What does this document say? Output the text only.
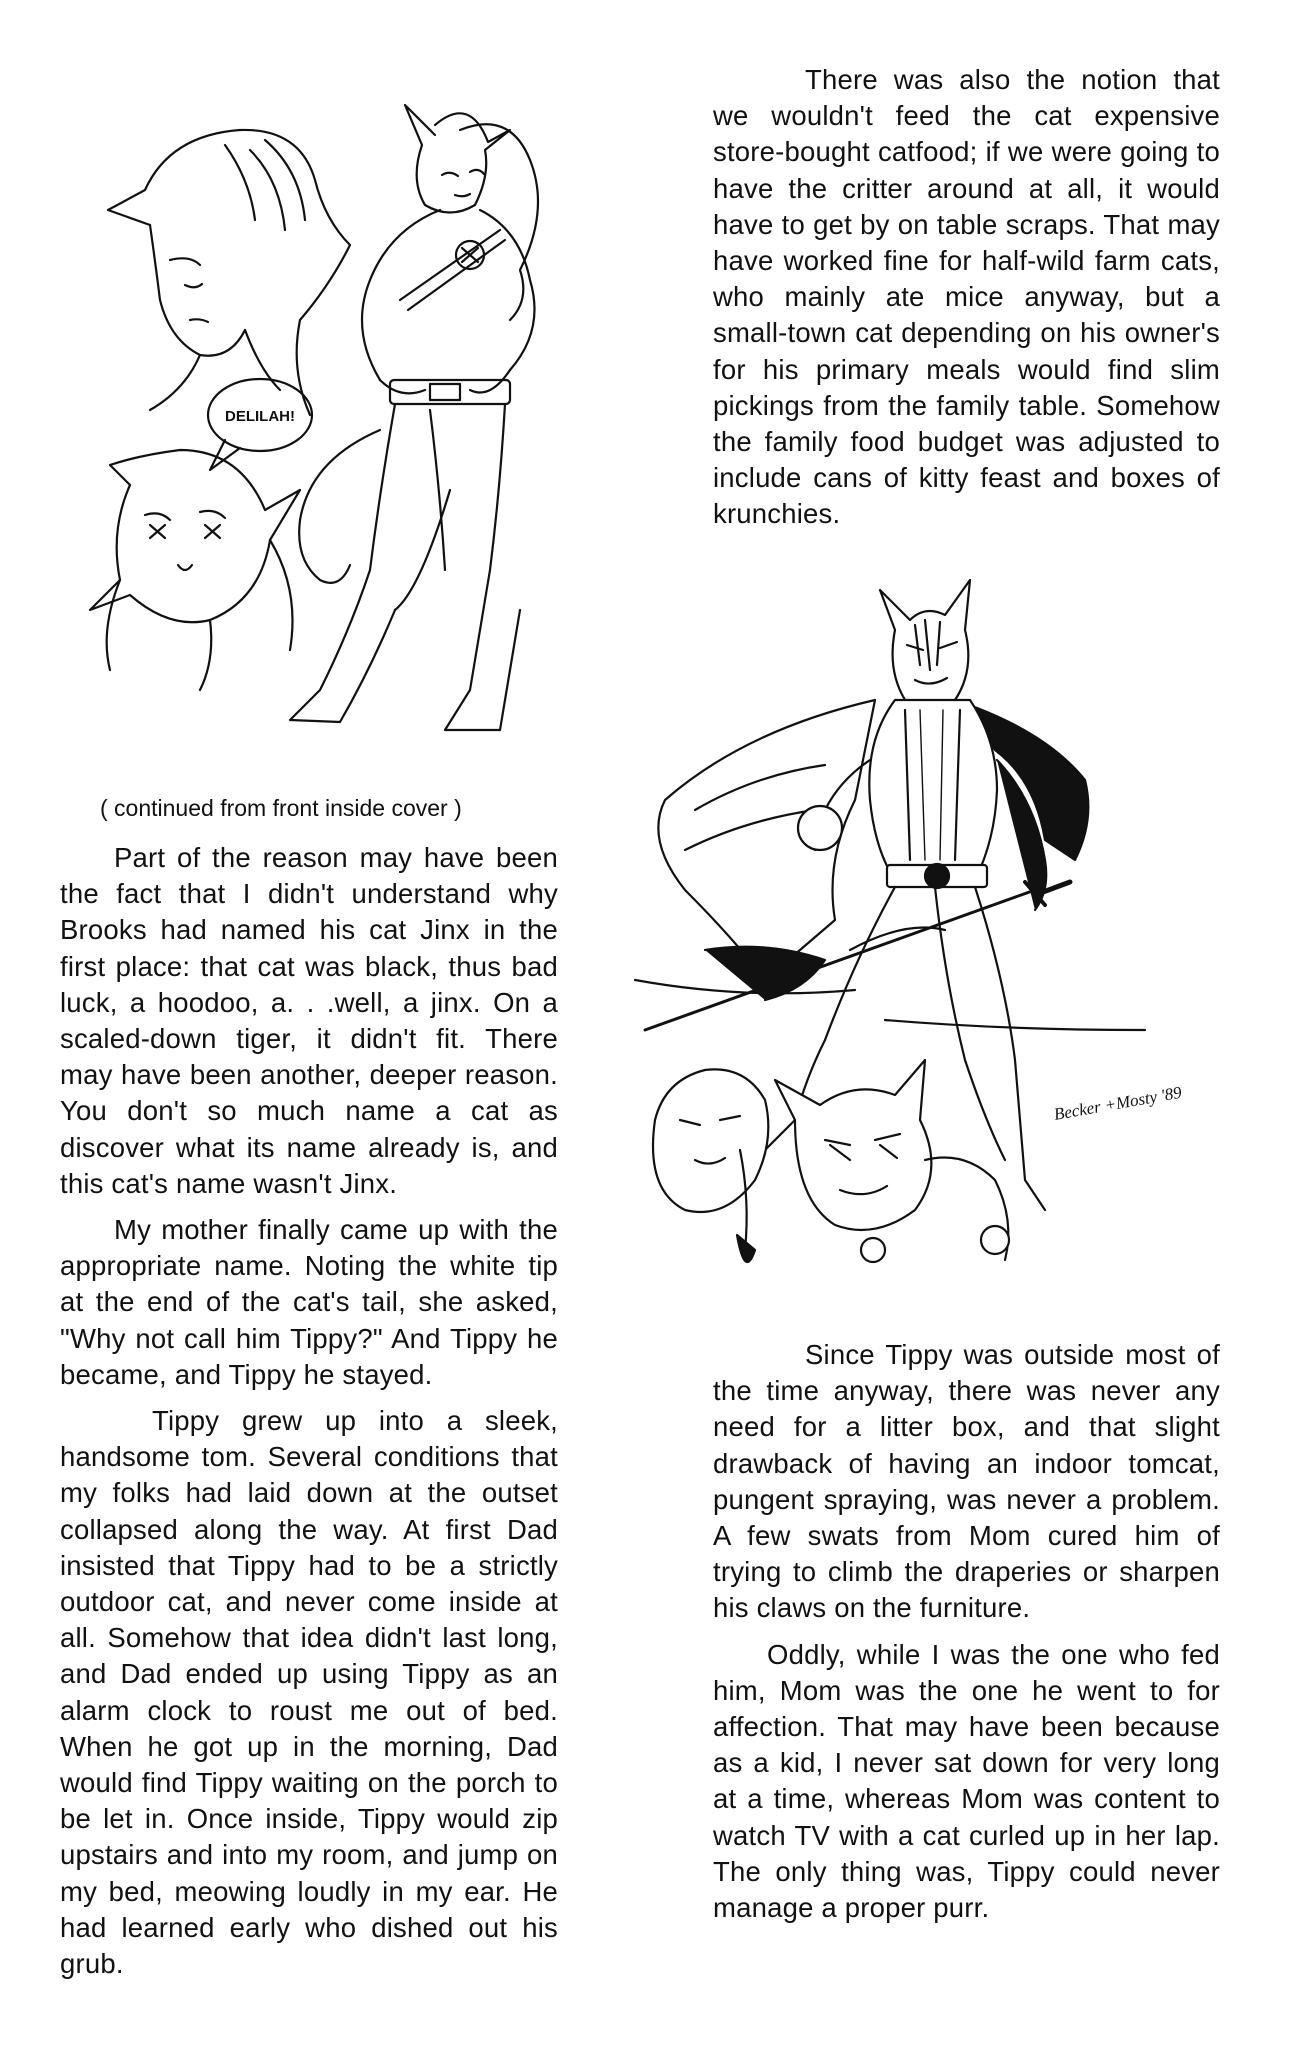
DELILAH!

There was also the notion that we wouldn't feed the cat expensive store-bought catfood; if we were going to have the critter around at all, it would have to get by on table scraps. That may have worked fine for half-wild farm cats, who mainly ate mice anyway, but a small-town cat depending on his owner's for his primary meals would find slim pickings from the family table. Somehow the family food budget was adjusted to include cans of kitty feast and boxes of krunchies.

( continued from front inside cover )

Part of the reason may have been the fact that I didn't understand why Brooks had named his cat Jinx in the first place: that cat was black, thus bad luck, a hoodoo, a. . .well, a jinx. On a scaled-down tiger, it didn't fit. There may have been another, deeper reason. You don't so much name a cat as discover what its name already is, and this cat's name wasn't Jinx.

My mother finally came up with the appropriate name. Noting the white tip at the end of the cat's tail, she asked, "Why not call him Tippy?" And Tippy he became, and Tippy he stayed.

Tippy grew up into a sleek, handsome tom. Several conditions that my folks had laid down at the outset collapsed along the way. At first Dad insisted that Tippy had to be a strictly outdoor cat, and never come inside at all. Somehow that idea didn't last long, and Dad ended up using Tippy as an alarm clock to roust me out of bed. When he got up in the morning, Dad would find Tippy waiting on the porch to be let in. Once inside, Tippy would zip upstairs and into my room, and jump on my bed, meowing loudly in my ear. He had learned early who dished out his grub.

Becker +Mosty '89

Since Tippy was outside most of the time anyway, there was never any need for a litter box, and that slight drawback of having an indoor tomcat, pungent spraying, was never a problem. A few swats from Mom cured him of trying to climb the draperies or sharpen his claws on the furniture.

Oddly, while I was the one who fed him, Mom was the one he went to for affection. That may have been because as a kid, I never sat down for very long at a time, whereas Mom was content to watch TV with a cat curled up in her lap. The only thing was, Tippy could never manage a proper purr.
